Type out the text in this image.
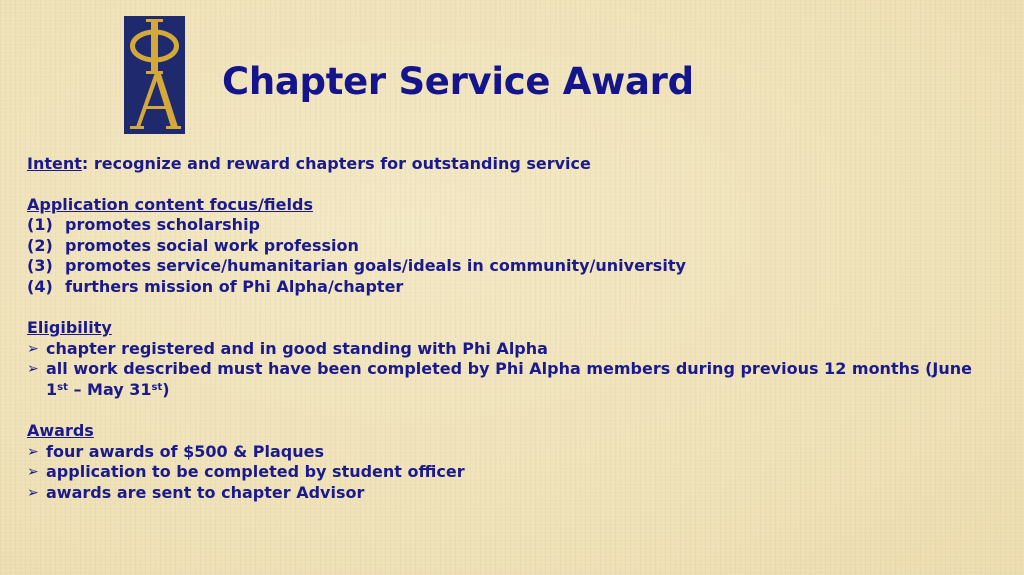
Chapter Service Award
Intent: recognize and reward chapters for outstanding service
Application content focus/fields
(1) promotes scholarship
(2) promotes social work profession
(3) promotes service/humanitarian goals/ideals in community/university
(4) furthers mission of Phi Alpha/chapter
Eligibility
➢ chapter registered and in good standing with Phi Alpha
➢ all work described must have been completed by Phi Alpha members during previous 12 months (June 1st – May 31st)
Awards
➢ four awards of $500 & Plaques
➢ application to be completed by student officer
➢ awards are sent to chapter Advisor
